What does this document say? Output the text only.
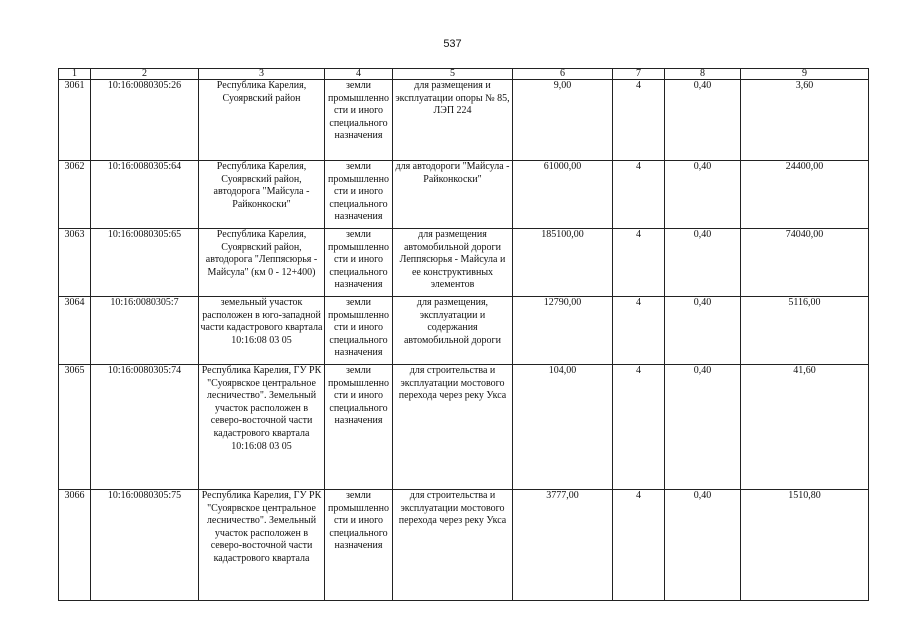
537
1	2	3	4	5	6	7	8	9
3061	10:16:0080305:26	Республика Карелия, Суоярвский район	земли промышленности и иного специального назначения	для размещения и эксплуатации опоры № 85, ЛЭП 224	9,00	4	0,40	3,60
3062	10:16:0080305:64	Республика Карелия, Суоярвский район, автодорога "Майсула - Райконкоски"	земли промышленности и иного специального назначения	для автодороги "Майсула - Райконкоски"	61000,00	4	0,40	24400,00
3063	10:16:0080305:65	Республика Карелия, Суоярвский район, автодорога "Леппясюрья - Майсула" (км 0 - 12+400)	земли промышленности и иного специального назначения	для размещения автомобильной дороги Леппясюрья - Майсула и ее конструктивных элементов	185100,00	4	0,40	74040,00
3064	10:16:0080305:7	земельный участок расположен в юго-западной части кадастрового квартала 10:16:08 03 05	земли промышленности и иного специального назначения	для размещения, эксплуатации и содержания автомобильной дороги	12790,00	4	0,40	5116,00
3065	10:16:0080305:74	Республика Карелия, ГУ РК "Суоярвское центральное лесничество". Земельный участок расположен в северо-восточной части кадастрового квартала 10:16:08 03 05	земли промышленности и иного специального назначения	для строительства и эксплуатации мостового перехода через реку Укса	104,00	4	0,40	41,60
3066	10:16:0080305:75	Республика Карелия, ГУ РК "Суоярвское центральное лесничество". Земельный участок расположен в северо-восточной части кадастрового квартала	земли промышленности и иного специального назначения	для строительства и эксплуатации мостового перехода через реку Укса	3777,00	4	0,40	1510,80
